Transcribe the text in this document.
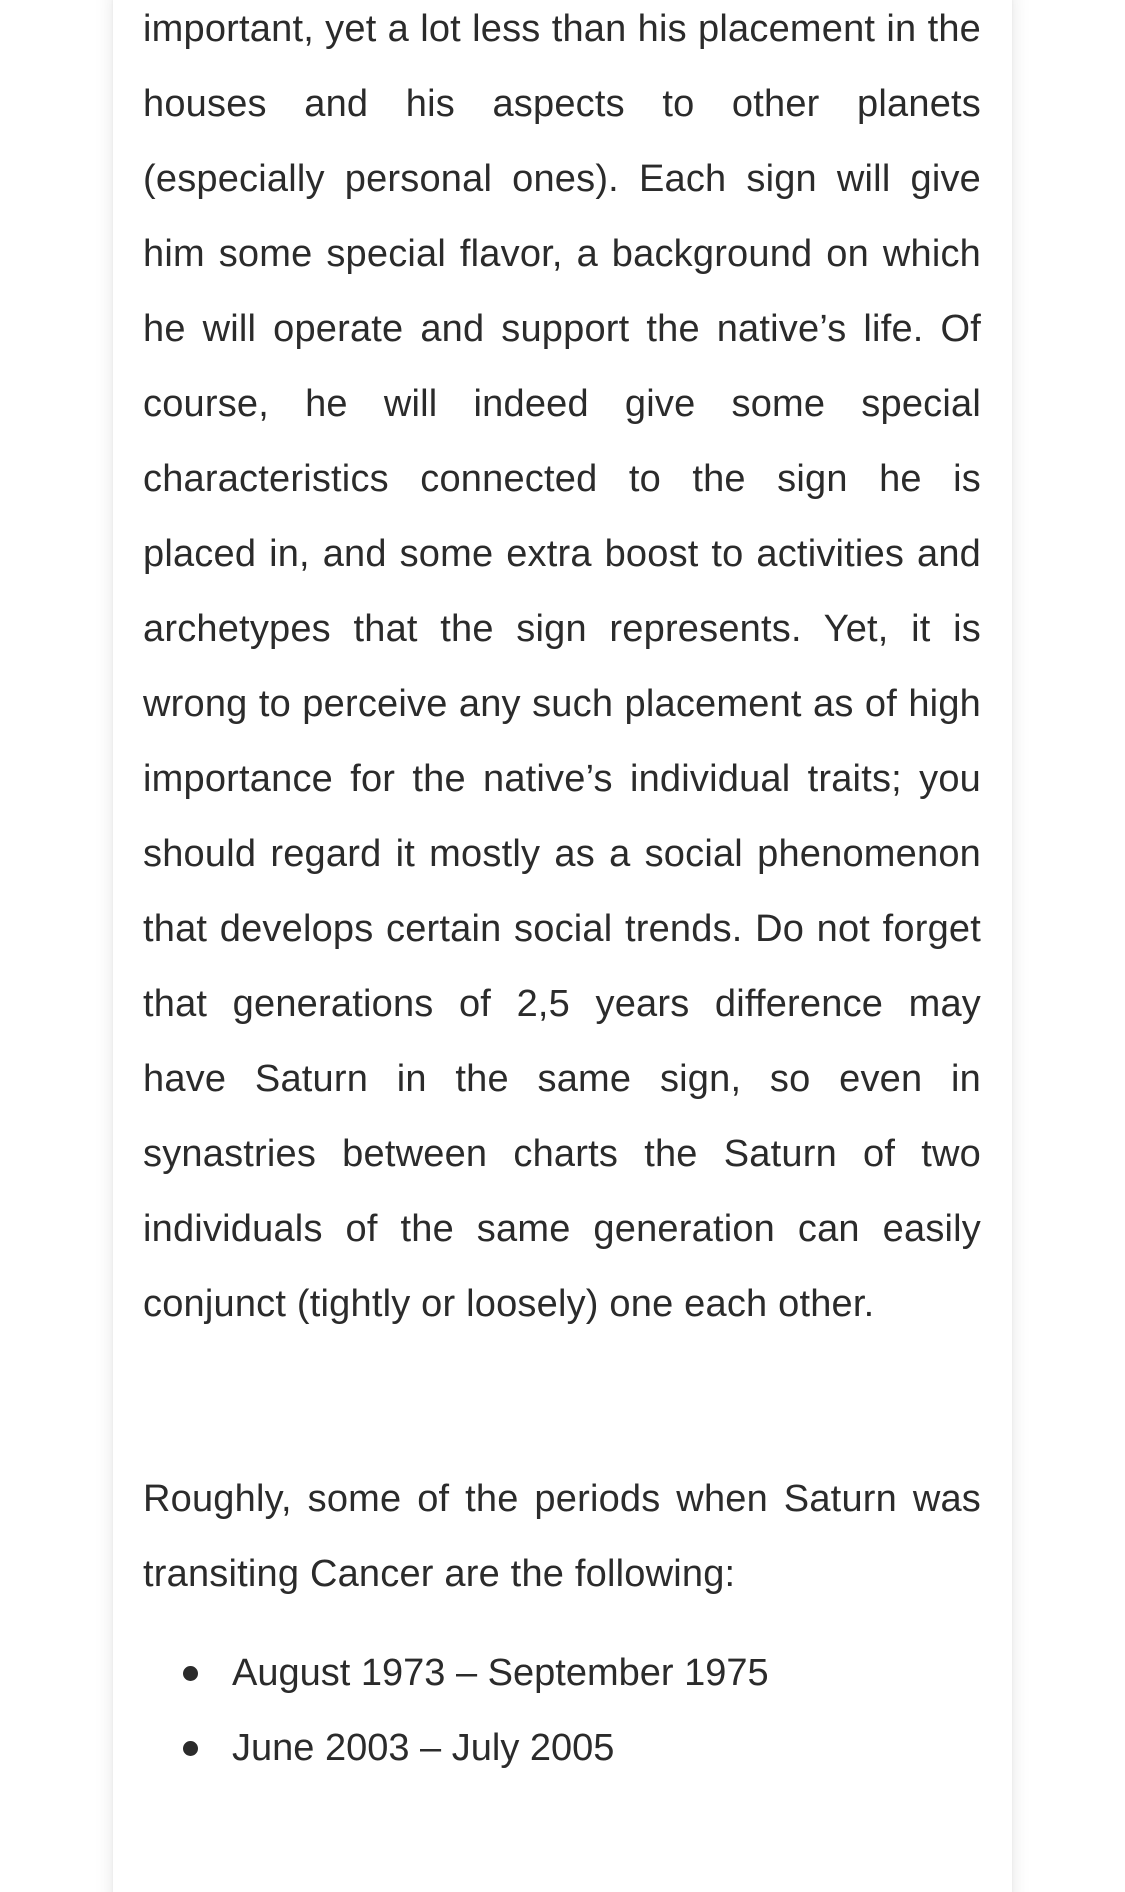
important, yet a lot less than his placement in the houses and his aspects to other planets (especially personal ones). Each sign will give him some special flavor, a background on which he will operate and support the native’s life. Of course, he will indeed give some special characteristics connected to the sign he is placed in, and some extra boost to activities and archetypes that the sign represents. Yet, it is wrong to perceive any such placement as of high importance for the native’s individual traits; you should regard it mostly as a social phenomenon that develops certain social trends. Do not forget that generations of 2,5 years difference may have Saturn in the same sign, so even in synastries between charts the Saturn of two individuals of the same generation can easily conjunct (tightly or loosely) one each other.

Roughly, some of the periods when Saturn was transiting Cancer are the following:

August 1973 – September 1975
June 2003 – July 2005
